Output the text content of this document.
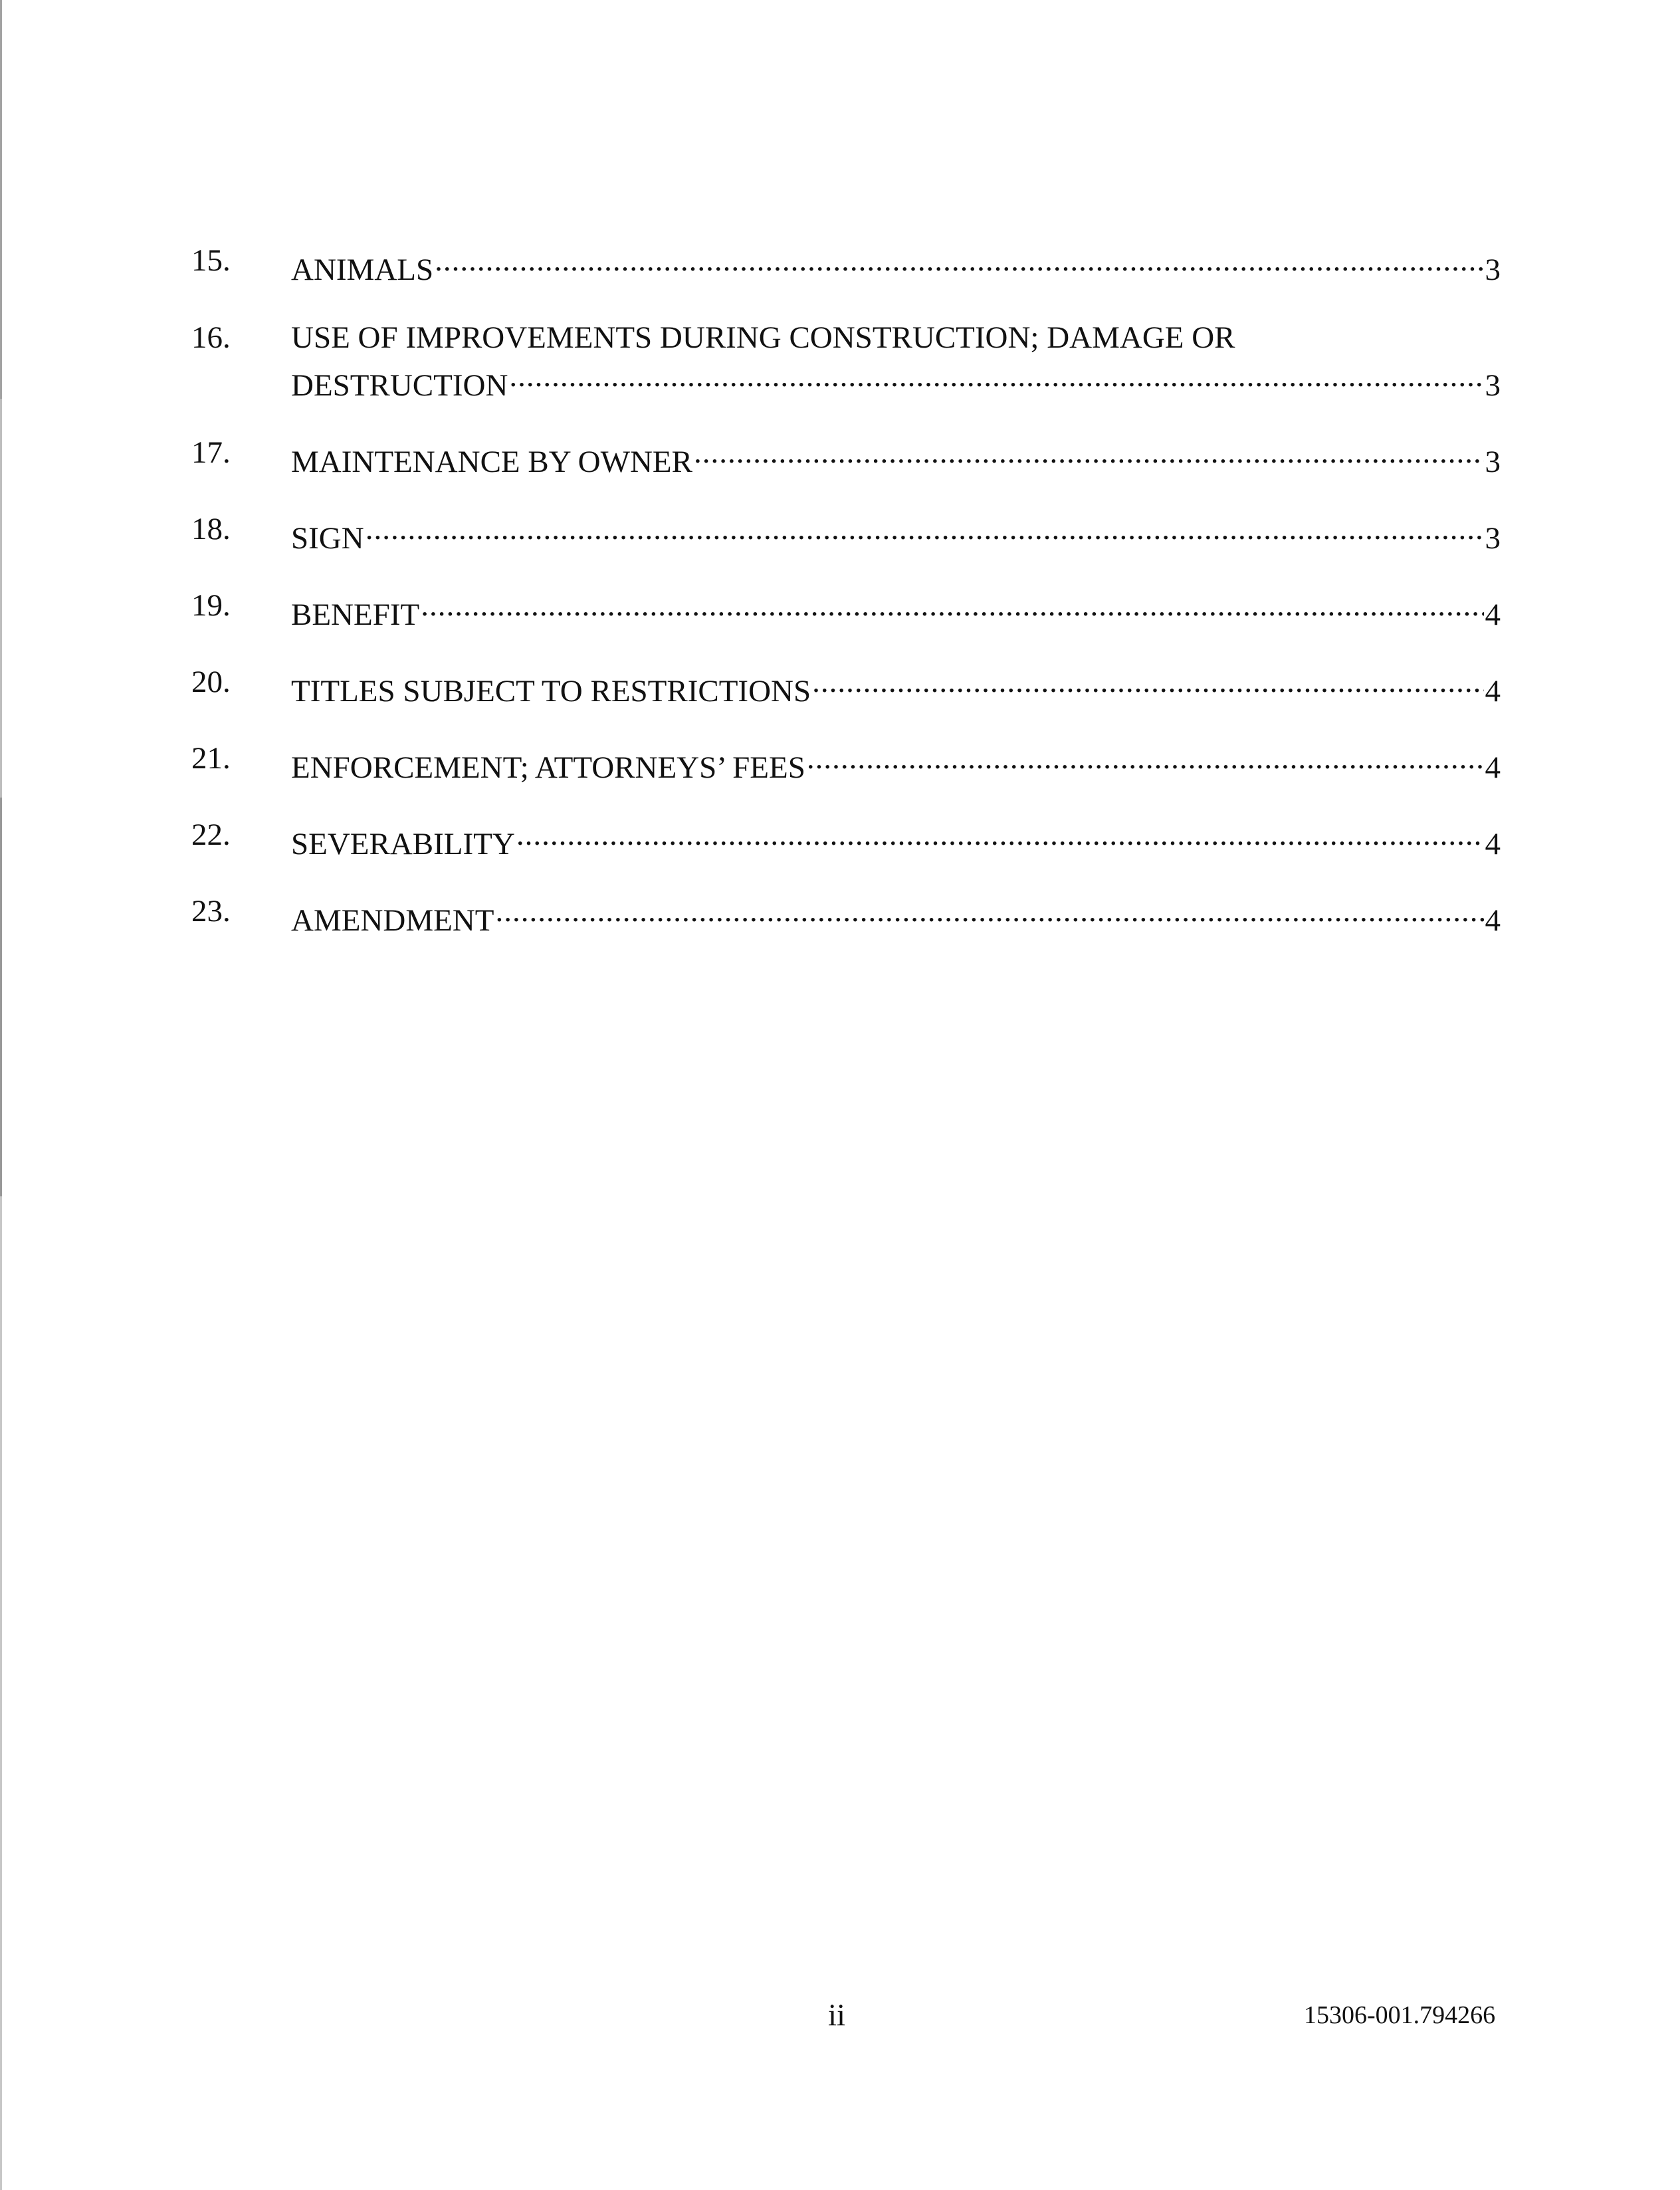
15.	ANIMALS .....	3
16.	USE OF IMPROVEMENTS DURING CONSTRUCTION; DAMAGE OR
DESTRUCTION .....	3
17.	MAINTENANCE BY OWNER .....	3
18.	SIGN .....	3
19.	BENEFIT .....	4
20.	TITLES SUBJECT TO RESTRICTIONS .....	4
21.	ENFORCEMENT; ATTORNEYS’ FEES .....	4
22.	SEVERABILITY .....	4
23.	AMENDMENT .....	4
ii	15306-001.794266
